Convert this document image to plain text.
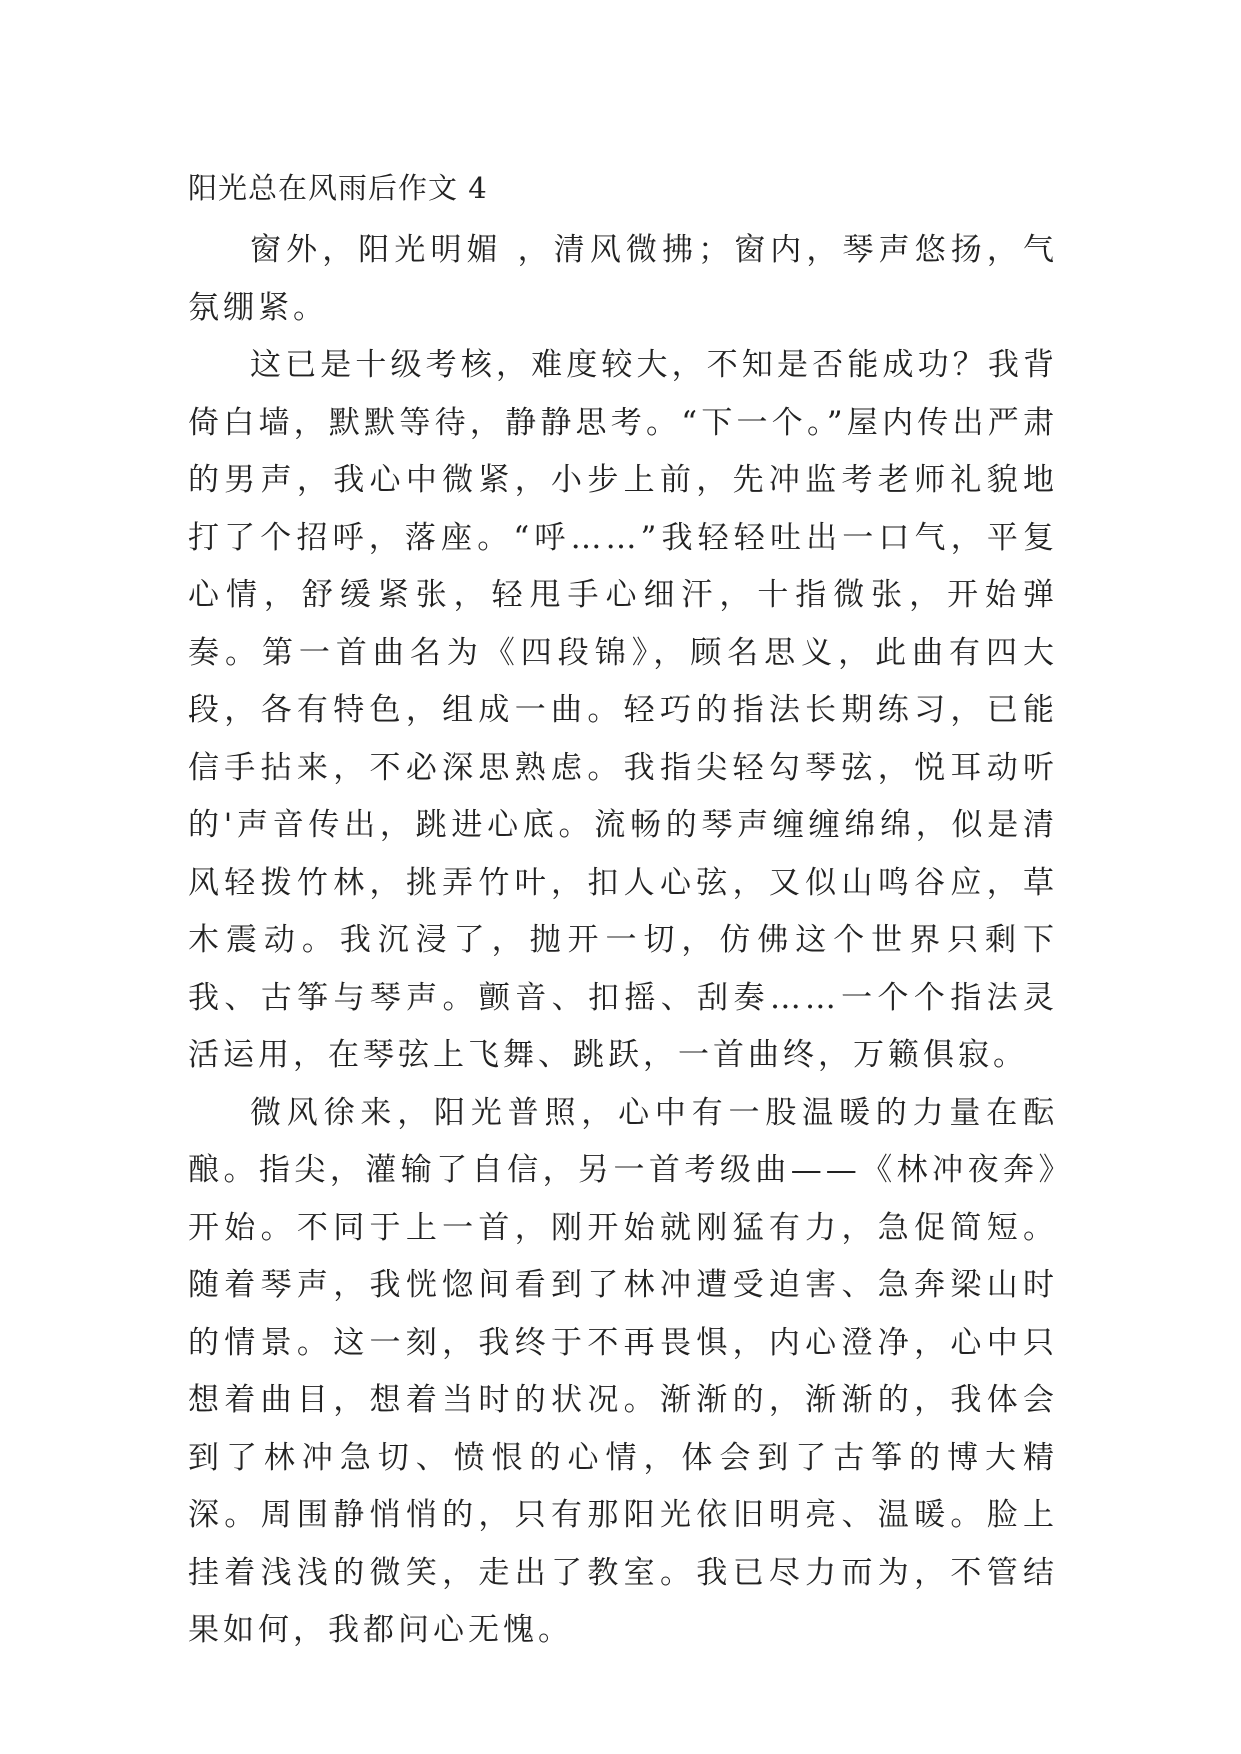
阳光总在风雨后作文 4

窗外，阳光明媚 ，清风微拂；窗内，琴声悠扬，气氛绷紧。

这已是十级考核，难度较大，不知是否能成功？我背倚白墙，默默等待，静静思考。“下一个。”屋内传出严肃的男声，我心中微紧，小步上前，先冲监考老师礼貌地打了个招呼，落座。“呼……”我轻轻吐出一口气，平复心情，舒缓紧张，轻甩手心细汗，十指微张，开始弹奏。第一首曲名为《四段锦》，顾名思义，此曲有四大段，各有特色，组成一曲。轻巧的指法长期练习，已能信手拈来，不必深思熟虑。我指尖轻勾琴弦，悦耳动听的'声音传出，跳进心底。流畅的琴声缠缠绵绵，似是清风轻拨竹林，挑弄竹叶，扣人心弦，又似山鸣谷应，草木震动。我沉浸了，抛开一切，仿佛这个世界只剩下我、古筝与琴声。颤音、扣摇、刮奏……一个个指法灵活运用，在琴弦上飞舞、跳跃，一首曲终，万籁俱寂。

微风徐来，阳光普照，心中有一股温暖的力量在酝酿。指尖，灌输了自信，另一首考级曲——《林冲夜奔》开始。不同于上一首，刚开始就刚猛有力，急促简短。随着琴声，我恍惚间看到了林冲遭受迫害、急奔梁山时的情景。这一刻，我终于不再畏惧，内心澄净，心中只想着曲目，想着当时的状况。渐渐的，渐渐的，我体会到了林冲急切、愤恨的心情，体会到了古筝的博大精深。周围静悄悄的，只有那阳光依旧明亮、温暖。脸上挂着浅浅的微笑，走出了教室。我已尽力而为，不管结果如何，我都问心无愧。
